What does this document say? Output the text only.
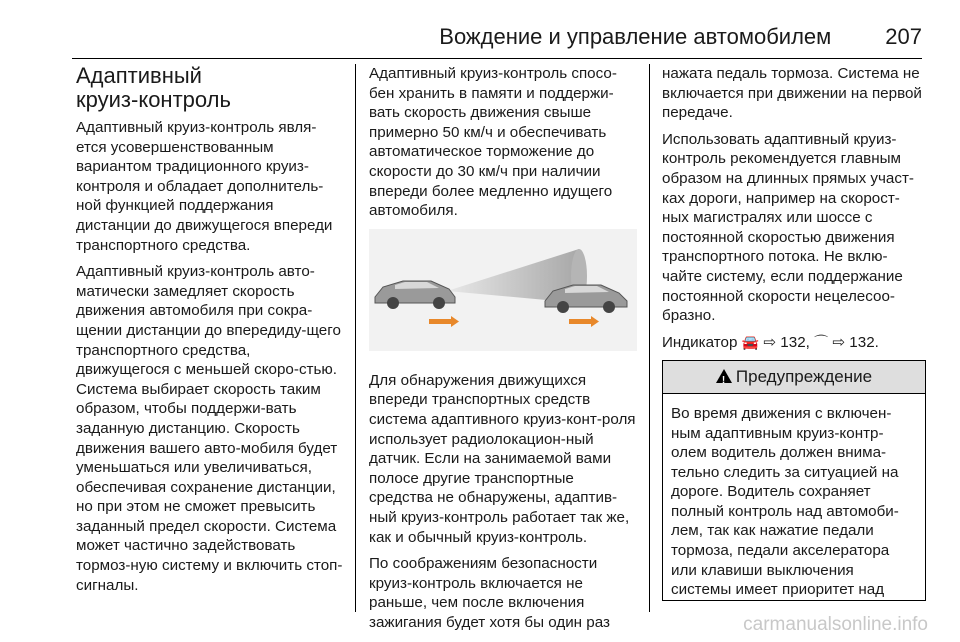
Вождение и управление автомобилем 207
Адаптивный
круиз-контроль

Адаптивный круиз-контроль явля-ется усовершенствованным вариантом традиционного круиз-контроля и обладает дополнитель-ной функцией поддержания дистанции до движущегося впереди транспортного средства.

Адаптивный круиз-контроль авто-матически замедляет скорость движения автомобиля при сокра-щении дистанции до впередиду-щего транспортного средства, движущегося с меньшей скоро-стью. Система выбирает скорость таким образом, чтобы поддержи-вать заданную дистанцию. Скорость движения вашего авто-мобиля будет уменьшаться или увеличиваться, обеспечивая сохранение дистанции, но при этом не сможет превысить заданный предел скорости. Система может частично задействовать тормоз-ную систему и включить стоп-сигналы.

Адаптивный круиз-контроль спосо-бен хранить в памяти и поддержи-вать скорость движения свыше примерно 50 км/ч и обеспечивать автоматическое торможение до скорости до 30 км/ч при наличии впереди более медленно идущего автомобиля.

Для обнаружения движущихся впереди транспортных средств система адаптивного круиз-конт-роля использует радиолокацион-ный датчик. Если на занимаемой вами полосе другие транспортные средства не обнаружены, адаптив-ный круиз-контроль работает так же, как и обычный круиз-контроль.

По соображениям безопасности круиз-контроль включается не раньше, чем после включения зажигания будет хотя бы один раз

нажата педаль тормоза. Система не включается при движении на первой передаче.

Использовать адаптивный круиз-контроль рекомендуется главным образом на длинных прямых участ-ках дороги, например на скорост-ных магистралях или шоссе с постоянной скоростью движения транспортного потока. Не вклю-чайте систему, если поддержание постоянной скорости нецелесоо-бразно.

Индикатор 🚘 ⇨ 132, ⌒ ⇨ 132.

! Предупреждение
Во время движения с включен-ным адаптивным круиз-контр-олем водитель должен внима-тельно следить за ситуацией на дороге. Водитель сохраняет полный контроль над автомоби-лем, так как нажатие педали тормоза, педали акселератора или клавиши выключения системы имеет приоритет над
carmanualsonline.info
